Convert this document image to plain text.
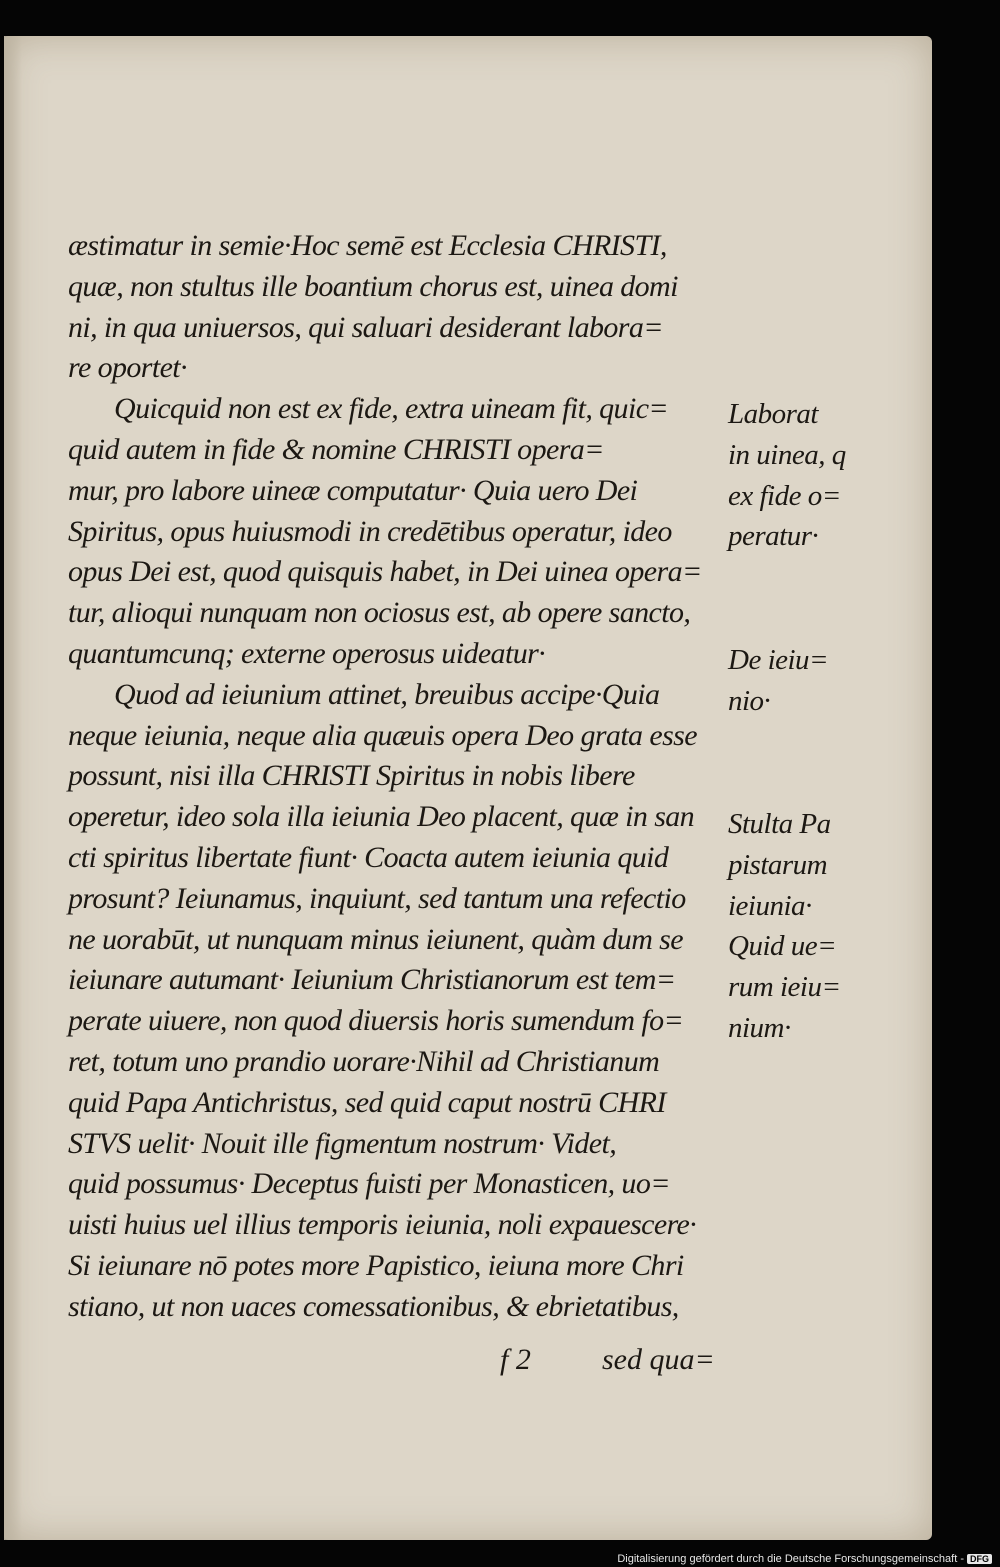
æstimatur in semie·Hoc semē est Ecclesia CHRISTI,
quæ, non stultus ille boantium chorus est, uinea domi
ni, in qua uniuersos, qui saluari desiderant labora=
re oportet·
Quicquid non est ex fide, extra uineam fit, quic=
quid autem in fide & nomine CHRISTI opera=
mur, pro labore uineæ computatur· Quia uero Dei
Spiritus, opus huiusmodi in credētibus operatur, ideo
opus Dei est, quod quisquis habet, in Dei uinea opera=
tur, alioqui nunquam non ociosus est, ab opere sancto,
quantumcunq; externe operosus uideatur·
Quod ad ieiunium attinet, breuibus accipe·Quia
neque ieiunia, neque alia quæuis opera Deo grata esse
possunt, nisi illa CHRISTI Spiritus in nobis libere
operetur, ideo sola illa ieiunia Deo placent, quæ in san
cti spiritus libertate fiunt· Coacta autem ieiunia quid
prosunt? Ieiunamus, inquiunt, sed tantum una refectio
ne uorabūt, ut nunquam minus ieiunent, quàm dum se
ieiunare autumant· Ieiunium Christianorum est tem=
perate uiuere, non quod diuersis horis sumendum fo=
ret, totum uno prandio uorare·Nihil ad Christianum
quid Papa Antichristus, sed quid caput nostrū CHRI
STVS uelit· Nouit ille figmentum nostrum· Videt,
quid possumus· Deceptus fuisti per Monasticen, uo=
uisti huius uel illius temporis ieiunia, noli expauescere·
Si ieiunare nō potes more Papistico, ieiuna more Chri
stiano, ut non uaces comessationibus, & ebrietatibus,
Laborat
in uinea, q
ex fide o=
peratur·
De ieiu=
nio·
Stulta Pa
pistarum
ieiunia·
Quid ue=
rum ieiu=
nium·
f 2 sed qua=
Digitalisierung gefördert durch die Deutsche Forschungsgemeinschaft - DFG
